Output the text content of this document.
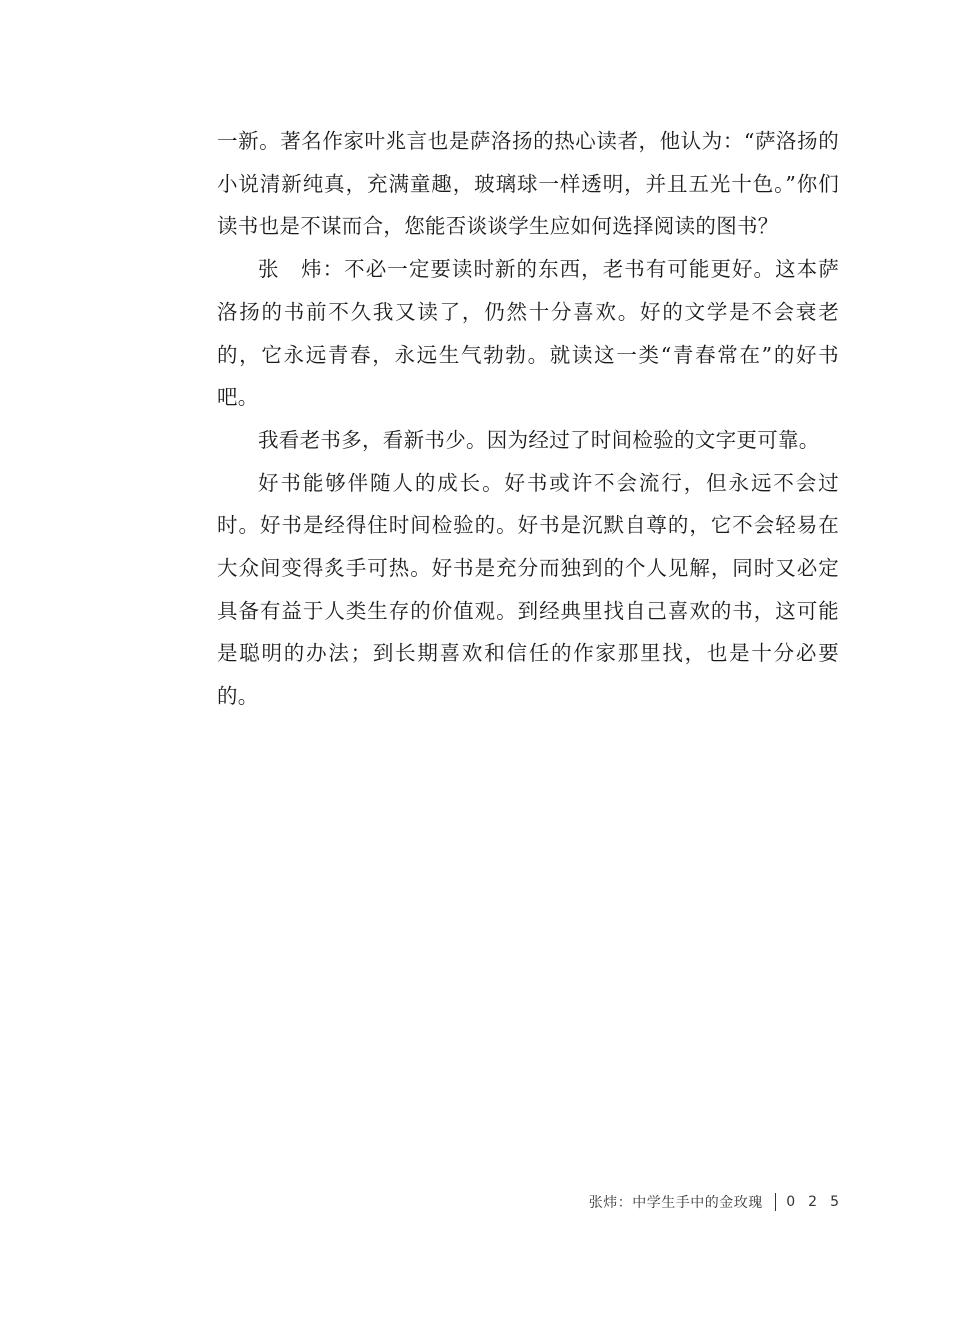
一新。著名作家叶兆言也是萨洛扬的热心读者，他认为：“萨洛扬的小说清新纯真，充满童趣，玻璃球一样透明，并且五光十色。”你们读书也是不谋而合，您能否谈谈学生应如何选择阅读的图书？

张　炜：不必一定要读时新的东西，老书有可能更好。这本萨洛扬的书前不久我又读了，仍然十分喜欢。好的文学是不会衰老的，它永远青春，永远生气勃勃。就读这一类“青春常在”的好书吧。

我看老书多，看新书少。因为经过了时间检验的文字更可靠。

好书能够伴随人的成长。好书或许不会流行，但永远不会过时。好书是经得住时间检验的。好书是沉默自尊的，它不会轻易在大众间变得炙手可热。好书是充分而独到的个人见解，同时又必定具备有益于人类生存的价值观。到经典里找自己喜欢的书，这可能是聪明的办法；到长期喜欢和信任的作家那里找，也是十分必要的。

张炜：中学生手中的金玫瑰 025
